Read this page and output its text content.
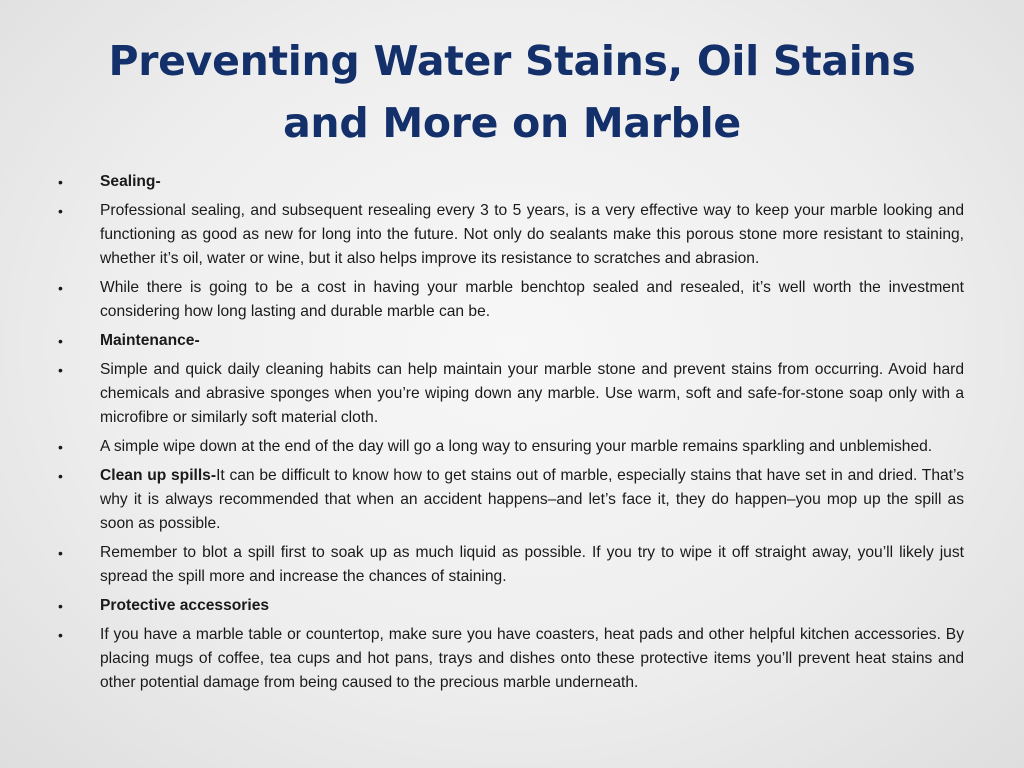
Preventing Water Stains, Oil Stains and More on Marble
•	Sealing-
•	Professional sealing, and subsequent resealing every 3 to 5 years, is a very effective way to keep your marble looking and functioning as good as new for long into the future. Not only do sealants make this porous stone more resistant to staining, whether it’s oil, water or wine, but it also helps improve its resistance to scratches and abrasion.
•	While there is going to be a cost in having your marble benchtop sealed and resealed, it’s well worth the investment considering how long lasting and durable marble can be.
•	Maintenance-
•	Simple and quick daily cleaning habits can help maintain your marble stone and prevent stains from occurring. Avoid hard chemicals and abrasive sponges when you’re wiping down any marble. Use warm, soft and safe-for-stone soap only with a microfibre or similarly soft material cloth.
•	A simple wipe down at the end of the day will go a long way to ensuring your marble remains sparkling and unblemished.
•	Clean up spills-It can be difficult to know how to get stains out of marble, especially stains that have set in and dried. That’s why it is always recommended that when an accident happens–and let’s face it, they do happen–you mop up the spill as soon as possible.
•	Remember to blot a spill first to soak up as much liquid as possible. If you try to wipe it off straight away, you’ll likely just spread the spill more and increase the chances of staining.
•	Protective accessories
•	If you have a marble table or countertop, make sure you have coasters, heat pads and other helpful kitchen accessories. By placing mugs of coffee, tea cups and hot pans, trays and dishes onto these protective items you’ll prevent heat stains and other potential damage from being caused to the precious marble underneath.
